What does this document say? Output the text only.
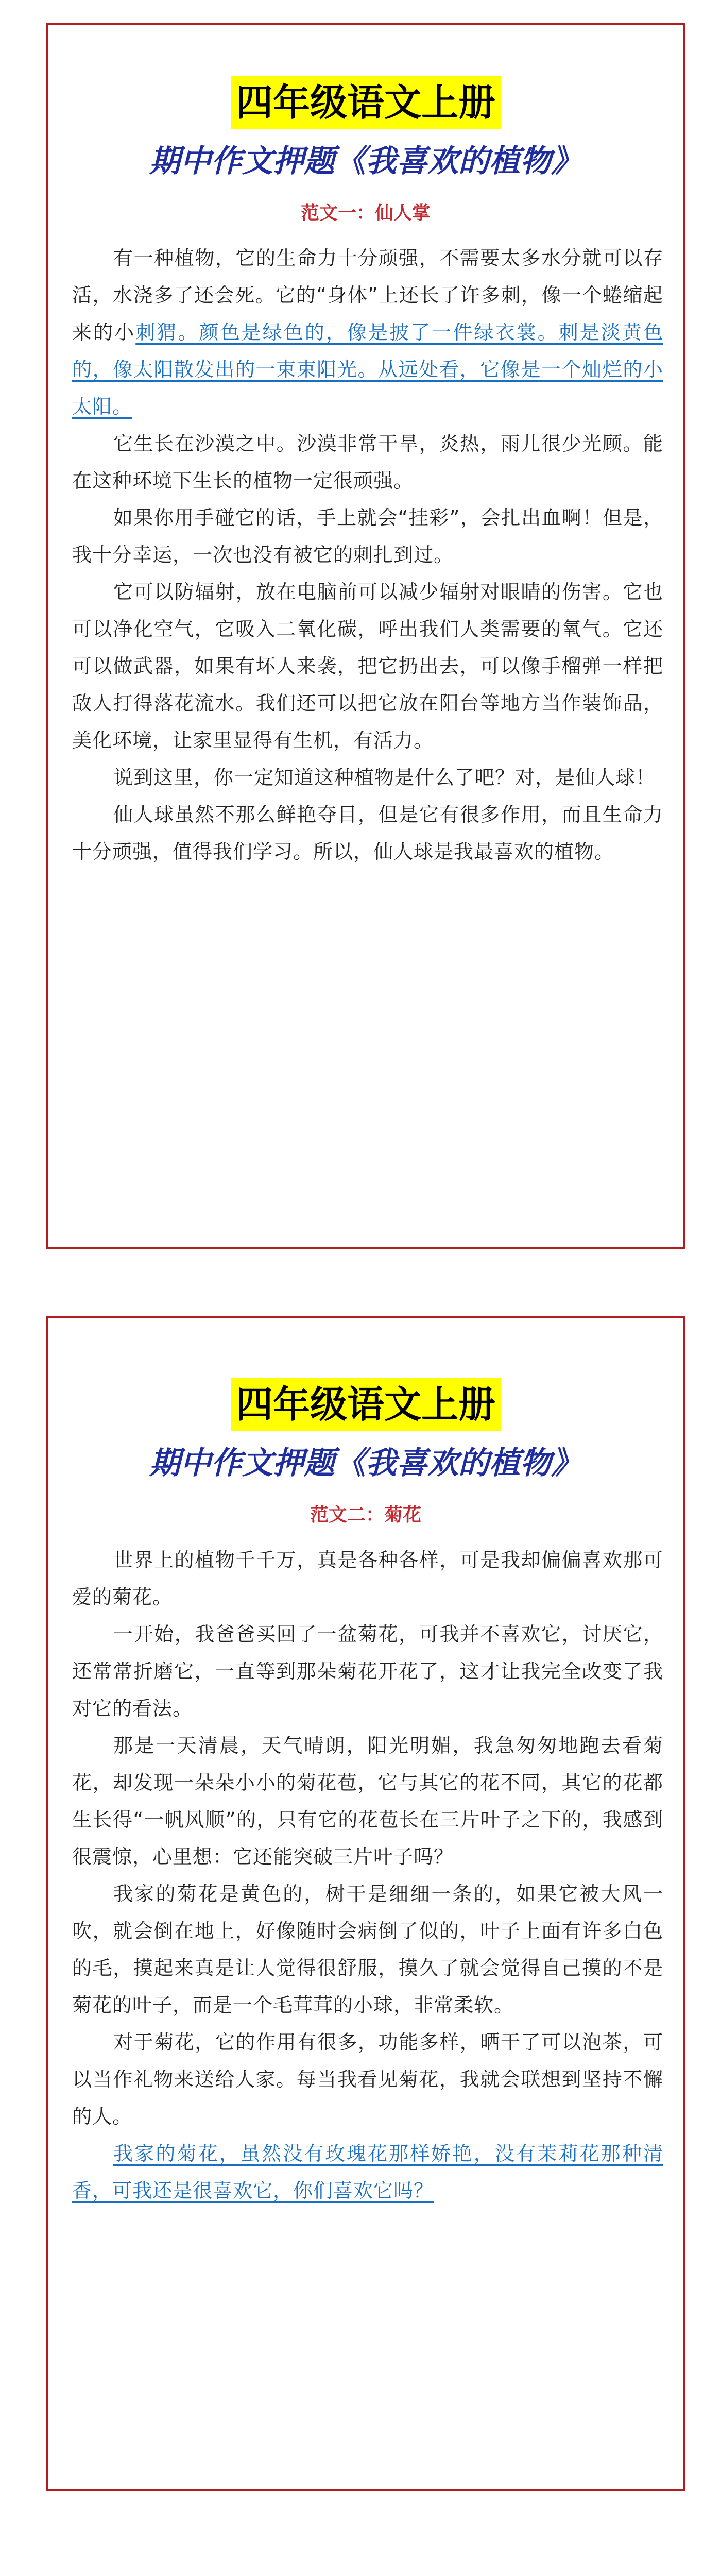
四年级语文上册
期中作文押题《我喜欢的植物》
范文一：仙人掌

有一种植物，它的生命力十分顽强，不需要太多水分就可以存活，水浇多了还会死。它的“身体”上还长了许多刺，像一个蜷缩起来的小刺猬。颜色是绿色的，像是披了一件绿衣裳。刺是淡黄色的，像太阳散发出的一束束阳光。从远处看，它像是一个灿烂的小太阳。

它生长在沙漠之中。沙漠非常干旱，炎热，雨儿很少光顾。能在这种环境下生长的植物一定很顽强。

如果你用手碰它的话，手上就会“挂彩”，会扎出血啊！但是，我十分幸运，一次也没有被它的刺扎到过。

它可以防辐射，放在电脑前可以减少辐射对眼睛的伤害。它也可以净化空气，它吸入二氧化碳，呼出我们人类需要的氧气。它还可以做武器，如果有坏人来袭，把它扔出去，可以像手榴弹一样把敌人打得落花流水。我们还可以把它放在阳台等地方当作装饰品，美化环境，让家里显得有生机，有活力。

说到这里，你一定知道这种植物是什么了吧？对，是仙人球！

仙人球虽然不那么鲜艳夺目，但是它有很多作用，而且生命力十分顽强，值得我们学习。所以，仙人球是我最喜欢的植物。

四年级语文上册
期中作文押题《我喜欢的植物》
范文二：菊花

世界上的植物千千万，真是各种各样，可是我却偏偏喜欢那可爱的菊花。

一开始，我爸爸买回了一盆菊花，可我并不喜欢它，讨厌它，还常常折磨它，一直等到那朵菊花开花了，这才让我完全改变了我对它的看法。

那是一天清晨，天气晴朗，阳光明媚，我急匆匆地跑去看菊花，却发现一朵朵小小的菊花苞，它与其它的花不同，其它的花都生长得“一帆风顺”的，只有它的花苞长在三片叶子之下的，我感到很震惊，心里想：它还能突破三片叶子吗？

我家的菊花是黄色的，树干是细细一条的，如果它被大风一吹，就会倒在地上，好像随时会病倒了似的，叶子上面有许多白色的毛，摸起来真是让人觉得很舒服，摸久了就会觉得自己摸的不是菊花的叶子，而是一个毛茸茸的小球，非常柔软。

对于菊花，它的作用有很多，功能多样，晒干了可以泡茶，可以当作礼物来送给人家。每当我看见菊花，我就会联想到坚持不懈的人。

我家的菊花，虽然没有玫瑰花那样娇艳，没有茉莉花那种清香，可我还是很喜欢它，你们喜欢它吗？
